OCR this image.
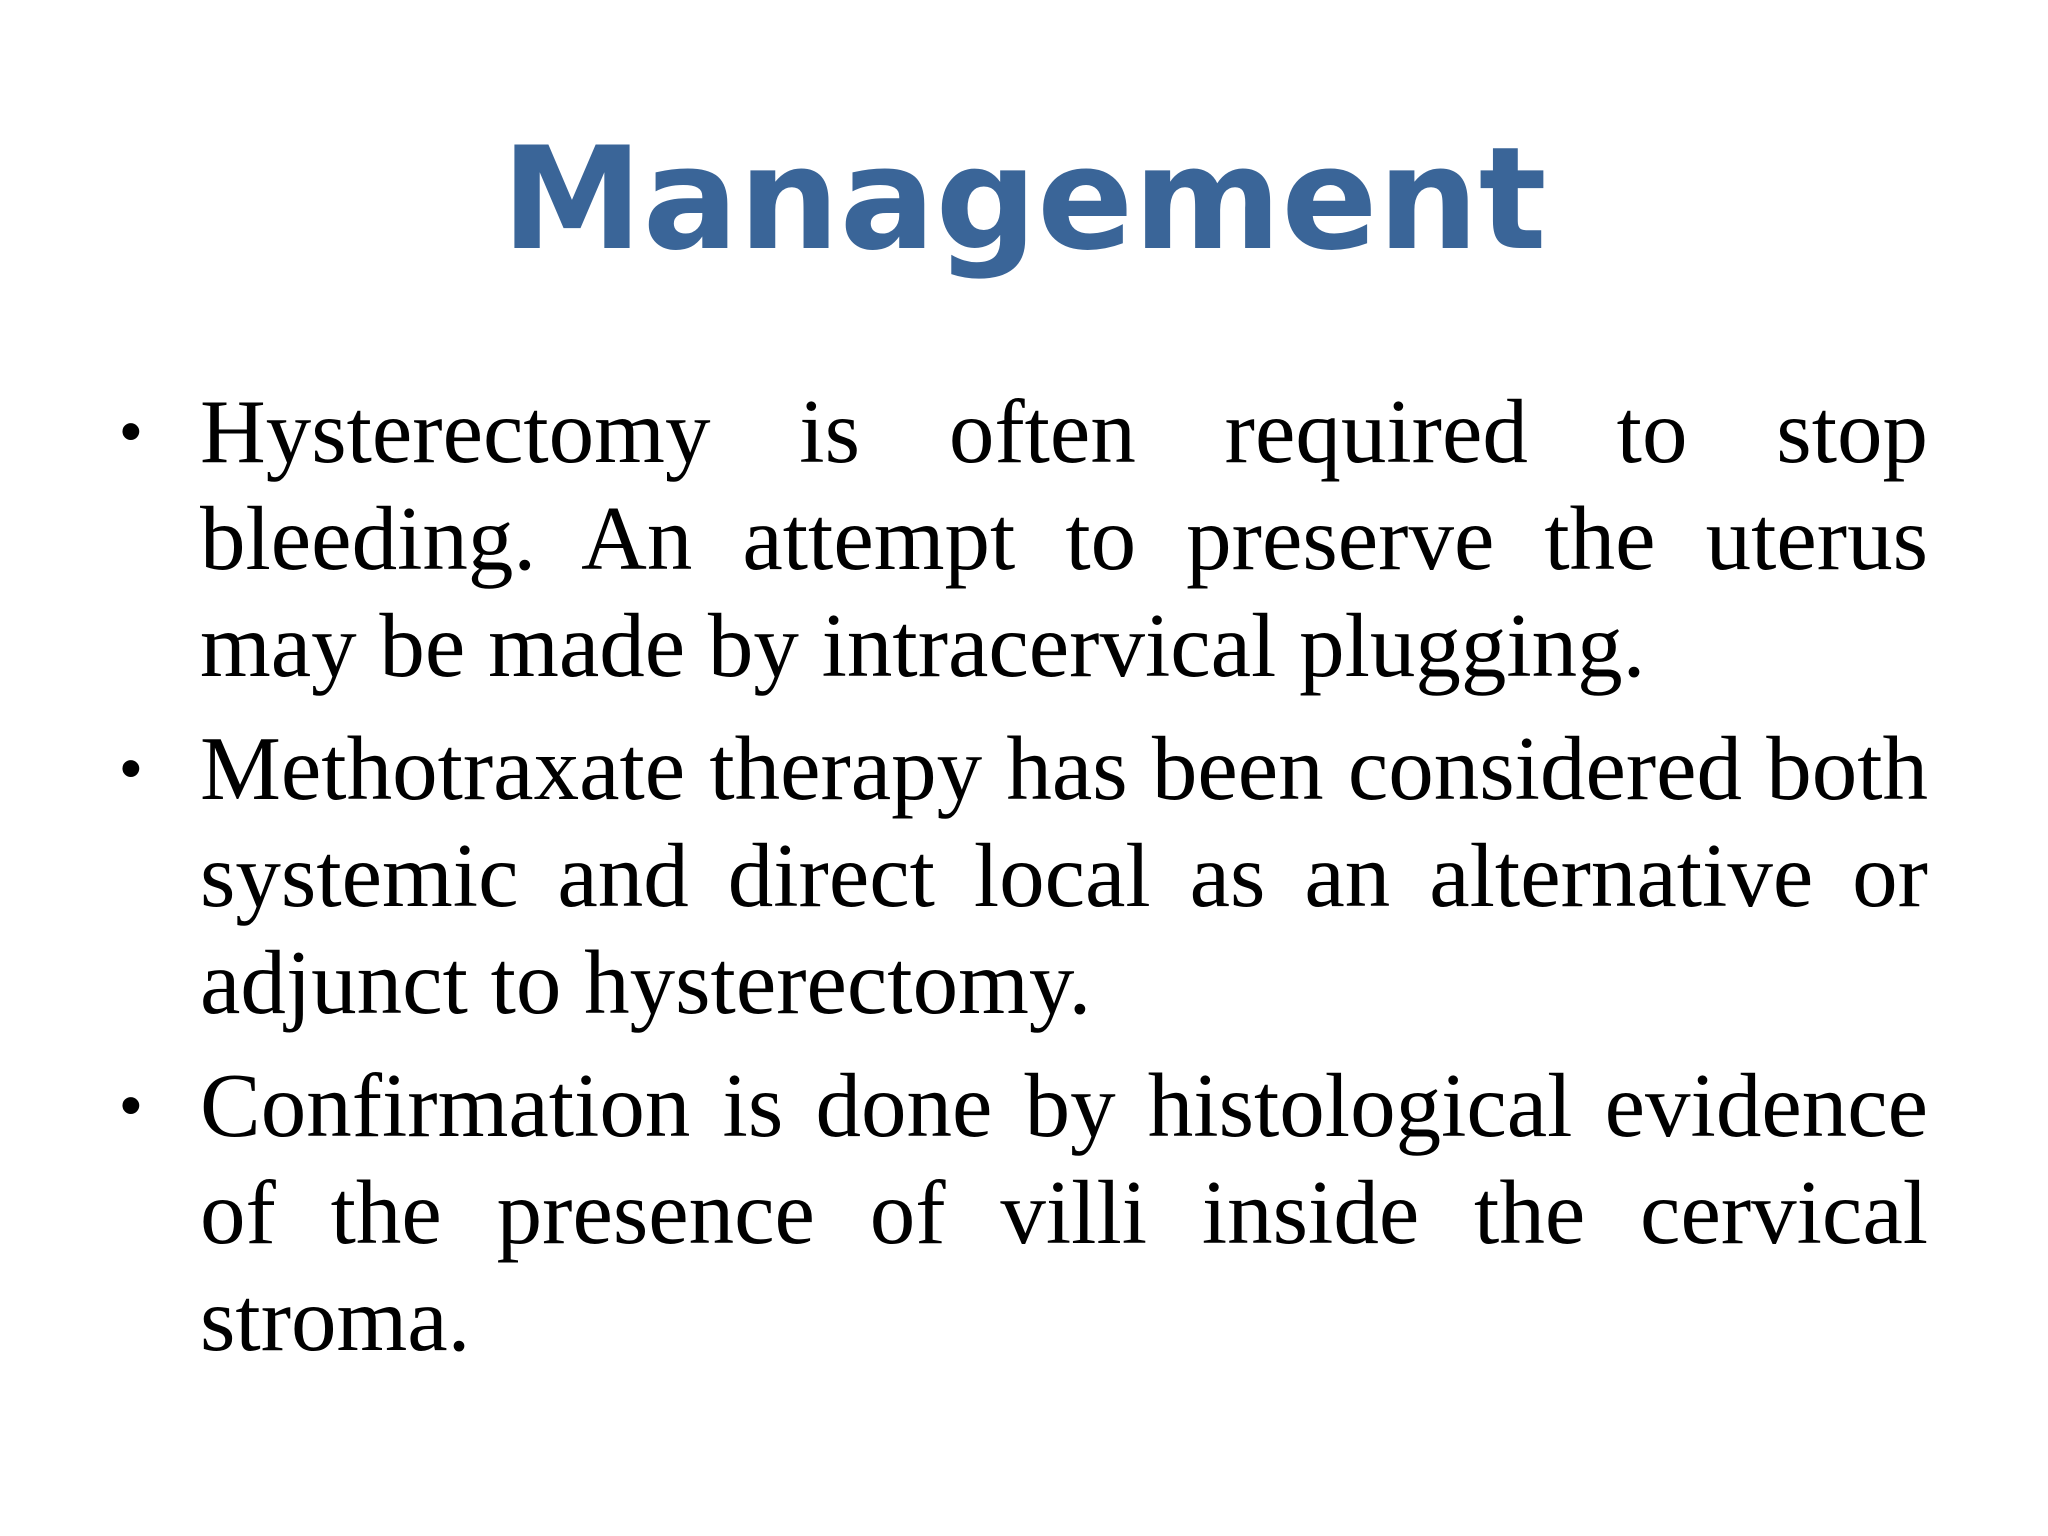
Management
• Hysterectomy is often required to stop bleeding. An attempt to preserve the uterus may be made by intracervical plugging.
• Methotraxate therapy has been considered both systemic and direct local as an alternative or adjunct to hysterectomy.
• Confirmation is done by histological evidence of the presence of villi inside the cervical stroma.
